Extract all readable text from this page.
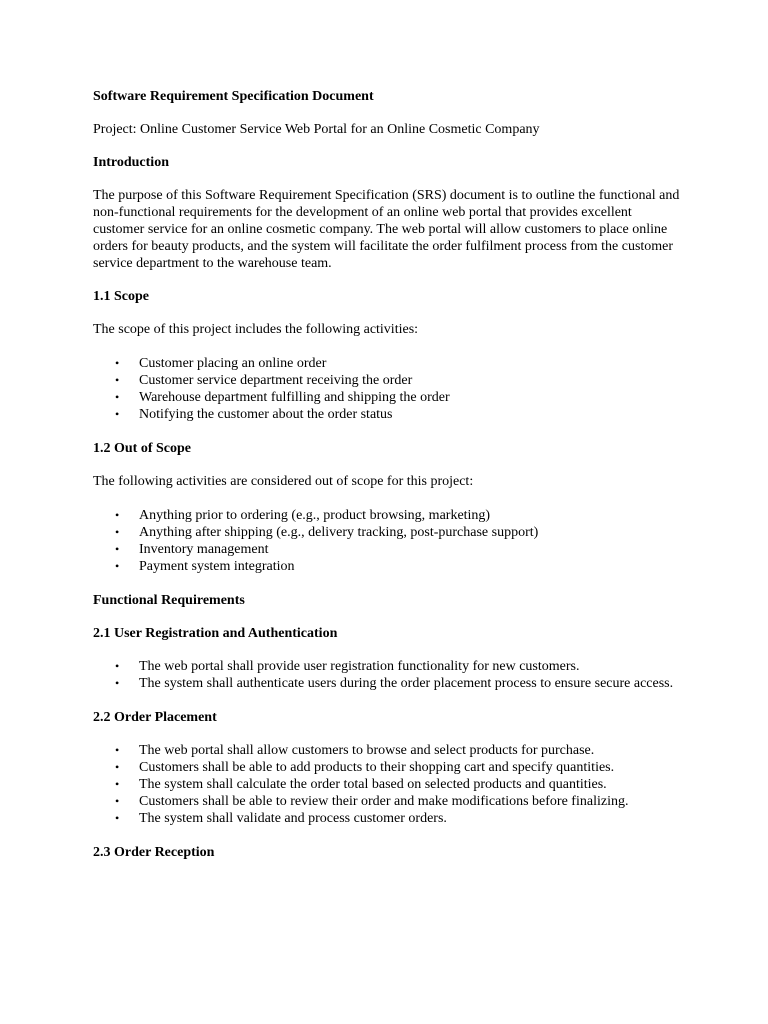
Software Requirement Specification Document
Project: Online Customer Service Web Portal for an Online Cosmetic Company
Introduction
The purpose of this Software Requirement Specification (SRS) document is to outline the functional and non-functional requirements for the development of an online web portal that provides excellent customer service for an online cosmetic company. The web portal will allow customers to place online orders for beauty products, and the system will facilitate the order fulfilment process from the customer service department to the warehouse team.
1.1 Scope
The scope of this project includes the following activities:
• Customer placing an online order
• Customer service department receiving the order
• Warehouse department fulfilling and shipping the order
• Notifying the customer about the order status
1.2 Out of Scope
The following activities are considered out of scope for this project:
• Anything prior to ordering (e.g., product browsing, marketing)
• Anything after shipping (e.g., delivery tracking, post-purchase support)
• Inventory management
• Payment system integration
Functional Requirements
2.1 User Registration and Authentication
• The web portal shall provide user registration functionality for new customers.
• The system shall authenticate users during the order placement process to ensure secure access.
2.2 Order Placement
• The web portal shall allow customers to browse and select products for purchase.
• Customers shall be able to add products to their shopping cart and specify quantities.
• The system shall calculate the order total based on selected products and quantities.
• Customers shall be able to review their order and make modifications before finalizing.
• The system shall validate and process customer orders.
2.3 Order Reception
